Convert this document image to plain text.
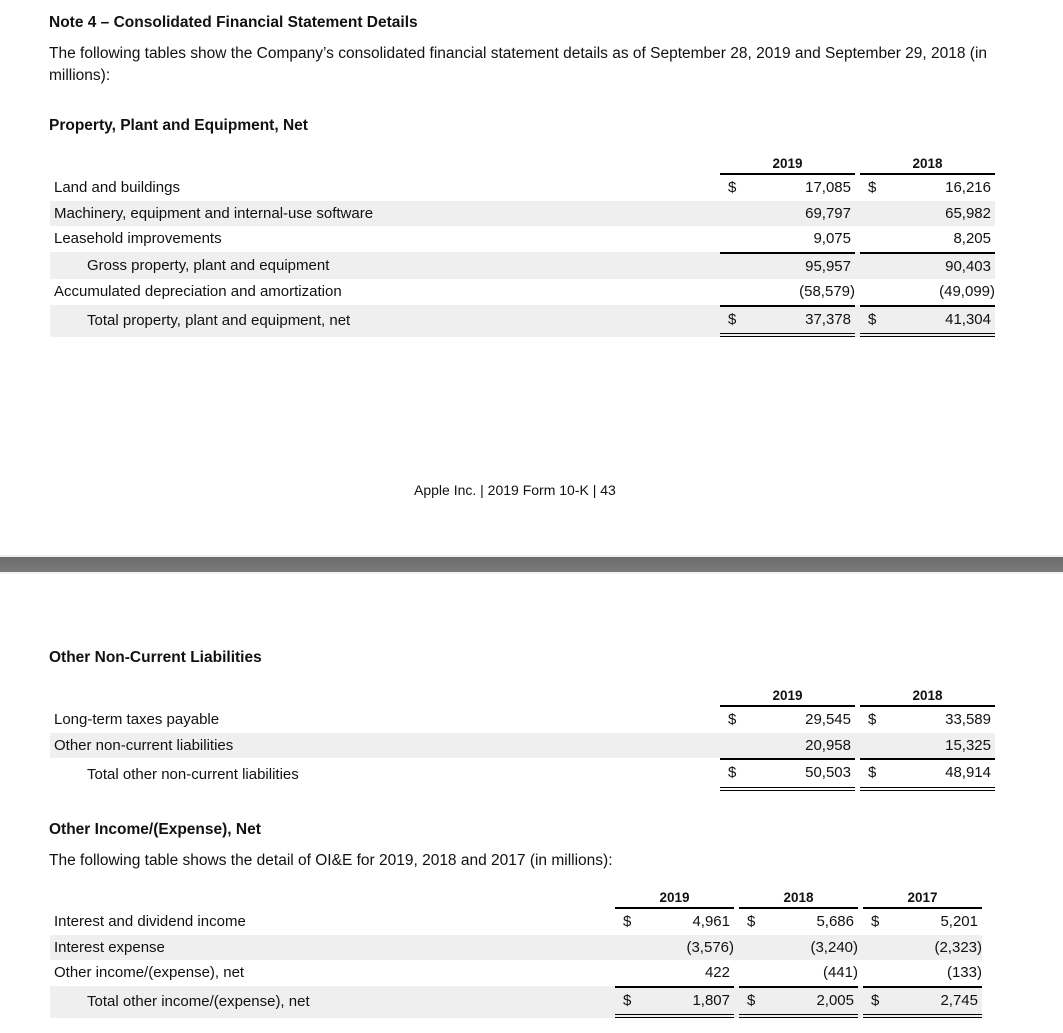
Note 4 – Consolidated Financial Statement Details
The following tables show the Company’s consolidated financial statement details as of September 28, 2019 and September 29, 2018 (in millions):
Property, Plant and Equipment, Net
	2019			2018	
Land and buildings	$	17,085		$	16,216
Machinery, equipment and internal-use software		69,797			65,982
Leasehold improvements		9,075			8,205
Gross property, plant and equipment		95,957			90,403
Accumulated depreciation and amortization		(58,579)			(49,099)
Total property, plant and equipment, net	$	37,378		$	41,304
Apple Inc. | 2019 Form 10-K | 43
Other Non-Current Liabilities
	2019			2018	
Long-term taxes payable	$	29,545		$	33,589
Other non-current liabilities		20,958			15,325
Total other non-current liabilities	$	50,503		$	48,914
Other Income/(Expense), Net
The following table shows the detail of OI&E for 2019, 2018 and 2017 (in millions):
	2019			2018			2017	
Interest and dividend income	$	4,961		$	5,686		$	5,201
Interest expense		(3,576)			(3,240)			(2,323)
Other income/(expense), net		422			(441)			(133)
Total other income/(expense), net	$	1,807		$	2,005		$	2,745
